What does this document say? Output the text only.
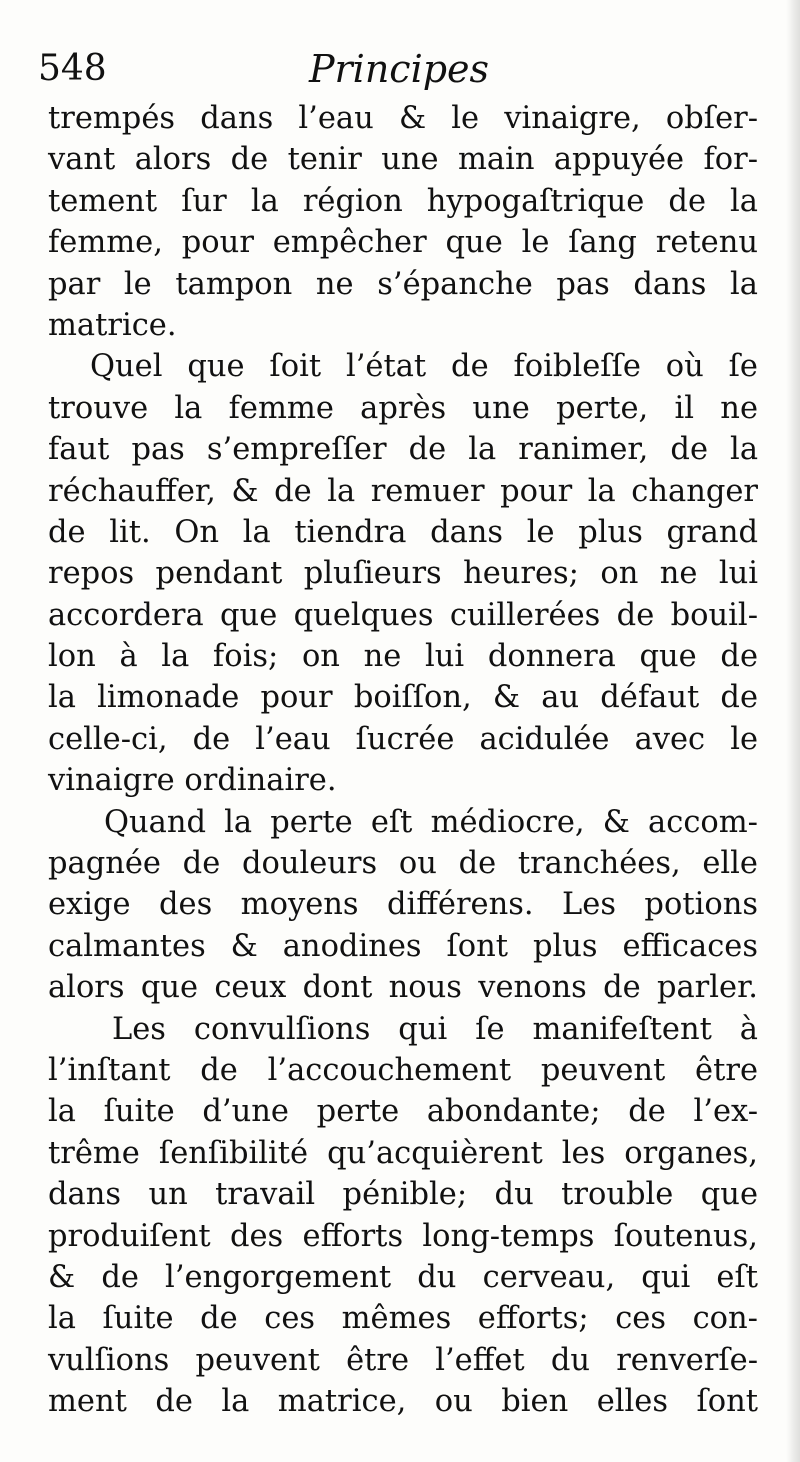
548	Principes
trempés dans l’eau & le vinaigre, obſer-
vant alors de tenir une main appuyée for-
tement ſur la région hypogaſtrique de la
femme, pour empêcher que le ſang retenu
par le tampon ne s’épanche pas dans la
matrice.
Quel que ſoit l’état de foibleſſe où ſe
trouve la femme après une perte, il ne
faut pas s’empreſſer de la ranimer, de la
réchauffer, & de la remuer pour la changer
de lit. On la tiendra dans le plus grand
repos pendant pluſieurs heures; on ne lui
accordera que quelques cuillerées de bouil-
lon à la fois; on ne lui donnera que de
la limonade pour boiſſon, & au défaut de
celle-ci, de l’eau ſucrée acidulée avec le
vinaigre ordinaire.
Quand la perte eſt médiocre, & accom-
pagnée de douleurs ou de tranchées, elle
exige des moyens différens. Les potions
calmantes & anodines ſont plus efficaces
alors que ceux dont nous venons de parler.
Les convulſions qui ſe manifeſtent à
l’inſtant de l’accouchement peuvent être
la ſuite d’une perte abondante; de l’ex-
trême ſenſibilité qu’acquièrent les organes,
dans un travail pénible; du trouble que
produiſent des efforts long-temps ſoutenus,
& de l’engorgement du cerveau, qui eſt
la ſuite de ces mêmes efforts; ces con-
vulſions peuvent être l’effet du renverſe-
ment de la matrice, ou bien elles ſont
